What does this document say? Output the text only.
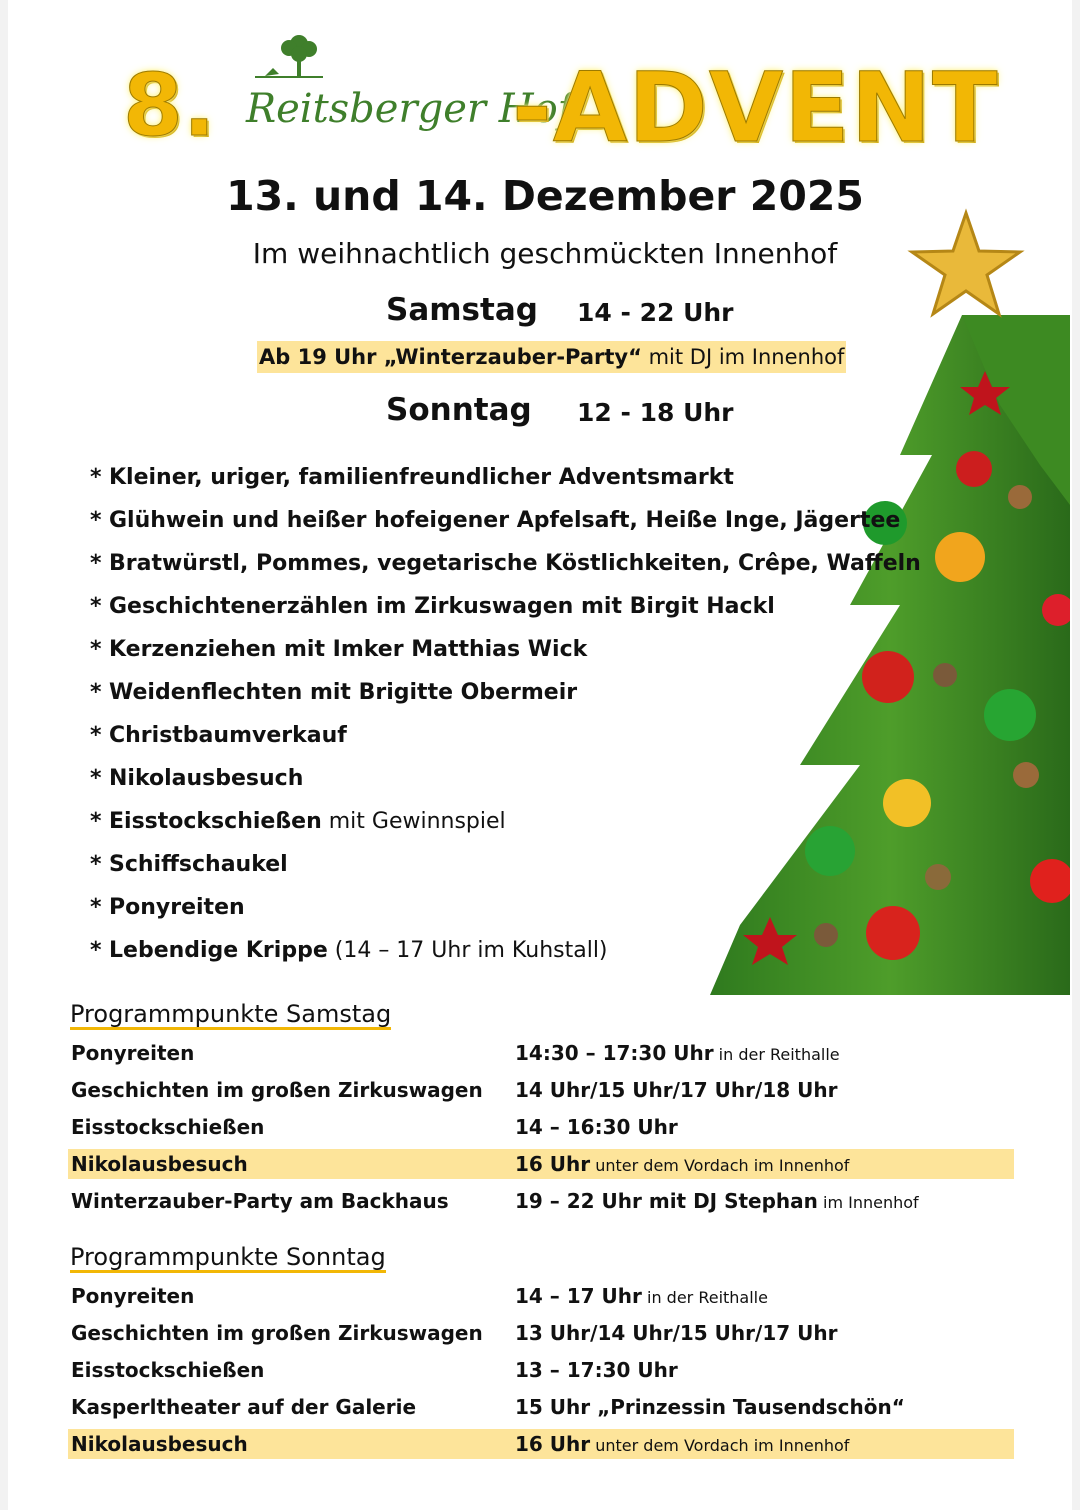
8. Reitsberger Hof
-ADVENT
13. und 14. Dezember 2025
Im weihnachtlich geschmückten Innenhof
Samstag 14 - 22 Uhr
Ab 19 Uhr „Winterzauber-Party“ mit DJ im Innenhof
Sonntag 12 - 18 Uhr
* Kleiner, uriger, familienfreundlicher Adventsmarkt
* Glühwein und heißer hofeigener Apfelsaft, Heiße Inge, Jägertee
* Bratwürstl, Pommes, vegetarische Köstlichkeiten, Crêpe, Waffeln
* Geschichtenerzählen im Zirkuswagen mit Birgit Hackl
* Kerzenziehen mit Imker Matthias Wick
* Weidenflechten mit Brigitte Obermeir
* Christbaumverkauf
* Nikolausbesuch
* Eisstockschießen mit Gewinnspiel
* Schiffschaukel
* Ponyreiten
* Lebendige Krippe (14 – 17 Uhr im Kuhstall)
Programmpunkte Samstag
Ponyreiten	14:30 – 17:30 Uhr in der Reithalle
Geschichten im großen Zirkuswagen 14 Uhr/15 Uhr/17 Uhr/18 Uhr
Eisstockschießen	14 – 16:30 Uhr
Nikolausbesuch	16 Uhr unter dem Vordach im Innenhof
Winterzauber-Party am Backhaus	19 – 22 Uhr mit DJ Stephan im Innenhof
Programmpunkte Sonntag
Ponyreiten	14 – 17 Uhr in der Reithalle
Geschichten im großen Zirkuswagen 13 Uhr/14 Uhr/15 Uhr/17 Uhr
Eisstockschießen	13 – 17:30 Uhr
Kasperltheater auf der Galerie	15 Uhr „Prinzessin Tausendschön“
Nikolausbesuch	16 Uhr unter dem Vordach im Innenhof
